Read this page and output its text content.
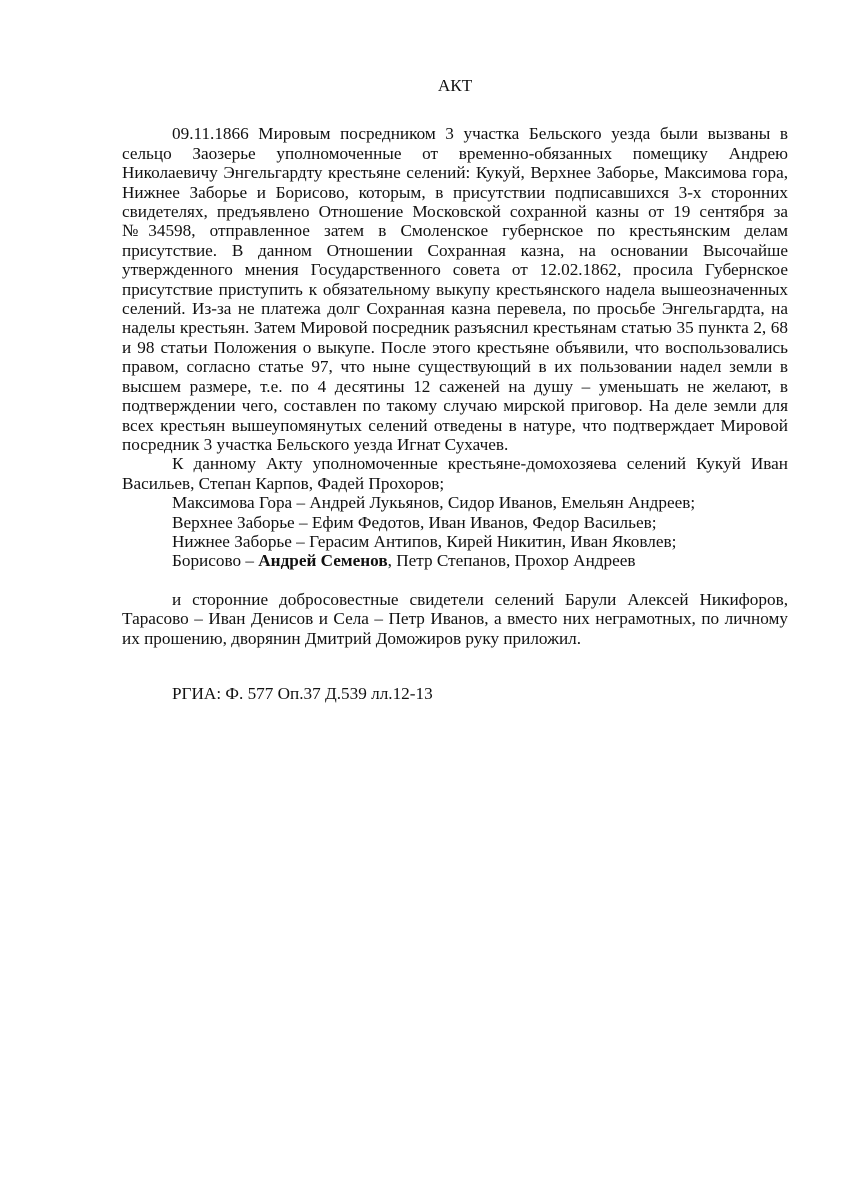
АКТ

09.11.1866 Мировым посредником 3 участка Бельского уезда были вызваны в сельцо Заозерье уполномоченные от временно-обязанных помещику Андрею Николаевичу Энгельгардту крестьяне селений: Кукуй, Верхнее Заборье, Максимова гора, Нижнее Заборье и Борисово, которым, в присутствии подписавшихся 3-х сторонних свидетелях, предъявлено Отношение Московской сохранной казны от 19 сентября за №34598, отправленное затем в Смоленское губернское по крестьянским делам присутствие. В данном Отношении Сохранная казна, на основании Высочайше утвержденного мнения Государственного совета от 12.02.1862, просила Губернское присутствие приступить к обязательному выкупу крестьянского надела вышеозначенных селений. Из-за не платежа долг Сохранная казна перевела, по просьбе Энгельгардта, на наделы крестьян. Затем Мировой посредник разъяснил крестьянам статью 35 пункта 2, 68 и 98 статьи Положения о выкупе. После этого крестьяне объявили, что воспользовались правом, согласно статье 97, что ныне существующий в их пользовании надел земли в высшем размере, т.е. по 4 десятины 12 саженей на душу – уменьшать не желают, в подтверждении чего, составлен по такому случаю мирской приговор. На деле земли для всех крестьян вышеупомянутых селений отведены в натуре, что подтверждает Мировой посредник 3 участка Бельского уезда Игнат Сухачев.

К данному Акту уполномоченные крестьяне-домохозяева селений Кукуй Иван Васильев, Степан Карпов, Фадей Прохоров;

Максимова Гора – Андрей Лукьянов, Сидор Иванов, Емельян Андреев;
Верхнее Заборье – Ефим Федотов, Иван Иванов, Федор Васильев;
Нижнее Заборье – Герасим Антипов, Кирей Никитин, Иван Яковлев;
Борисово – Андрей Семенов, Петр Степанов, Прохор Андреев

и сторонние добросовестные свидетели селений Барули Алексей Никифоров, Тарасово – Иван Денисов и Села – Петр Иванов, а вместо них неграмотных, по личному их прошению, дворянин Дмитрий Доможиров руку приложил.

РГИА: Ф. 577 Оп.37 Д.539 лл.12-13
